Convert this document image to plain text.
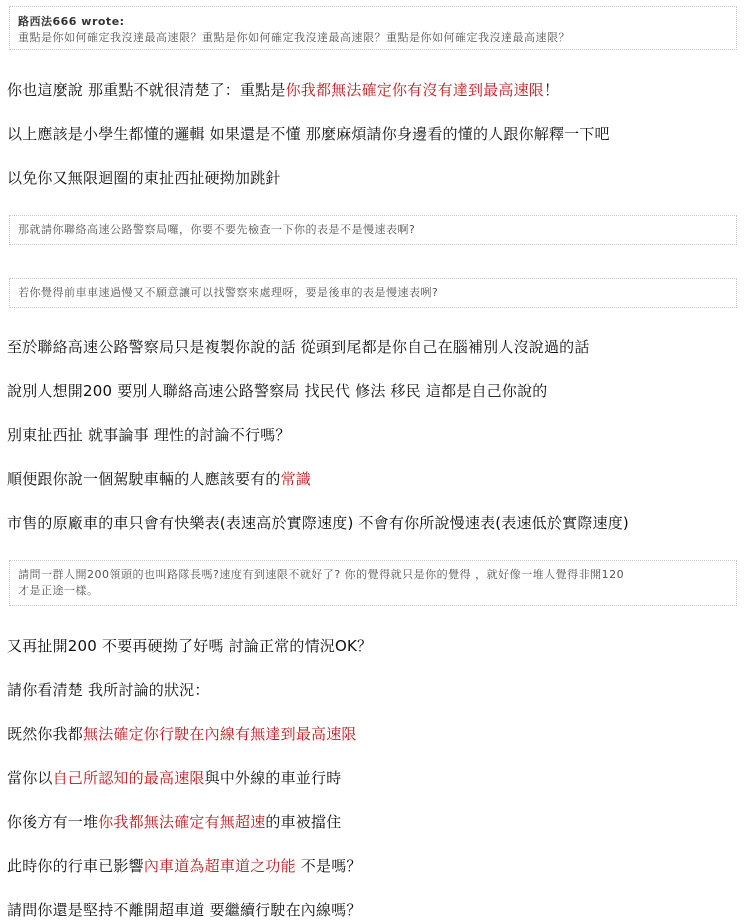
路西法666 wrote:
重點是你如何確定我沒達最高速限？重點是你如何確定我沒達最高速限？重點是你如何確定我沒達最高速限？
你也這麼說 那重點不就很清楚了：重點是你我都無法確定你有沒有達到最高速限！
以上應該是小學生都懂的邏輯 如果還是不懂 那麼麻煩請你身邊看的懂的人跟你解釋一下吧
以免你又無限迴圈的東扯西扯硬拗加跳針
那就請你聯絡高速公路警察局囉，你要不要先檢查一下你的表是不是慢速表啊?
若你覺得前車車速過慢又不願意讓可以找警察來處理呀，要是後車的表是慢速表咧?
至於聯絡高速公路警察局只是複製你說的話 從頭到尾都是你自己在腦補別人沒說過的話
說別人想開200 要別人聯絡高速公路警察局 找民代 修法 移民 這都是自己你說的
別東扯西扯 就事論事 理性的討論不行嗎？
順便跟你說一個駕駛車輛的人應該要有的常識
市售的原廠車的車只會有快樂表(表速高於實際速度) 不會有你所說慢速表(表速低於實際速度)
請問一群人開200領頭的也叫路隊長嗎?速度有到速限不就好了? 你的覺得就只是你的覺得 ，就好像一堆人覺得非開120
才是正途一樣。
又再扯開200 不要再硬拗了好嗎 討論正常的情況OK？
請你看清楚 我所討論的狀況：
既然你我都無法確定你行駛在內線有無達到最高速限
當你以自己所認知的最高速限與中外線的車並行時
你後方有一堆你我都無法確定有無超速的車被擋住
此時你的行車已影響內車道為超車道之功能 不是嗎？
請問你還是堅持不離開超車道 要繼續行駛在內線嗎？
